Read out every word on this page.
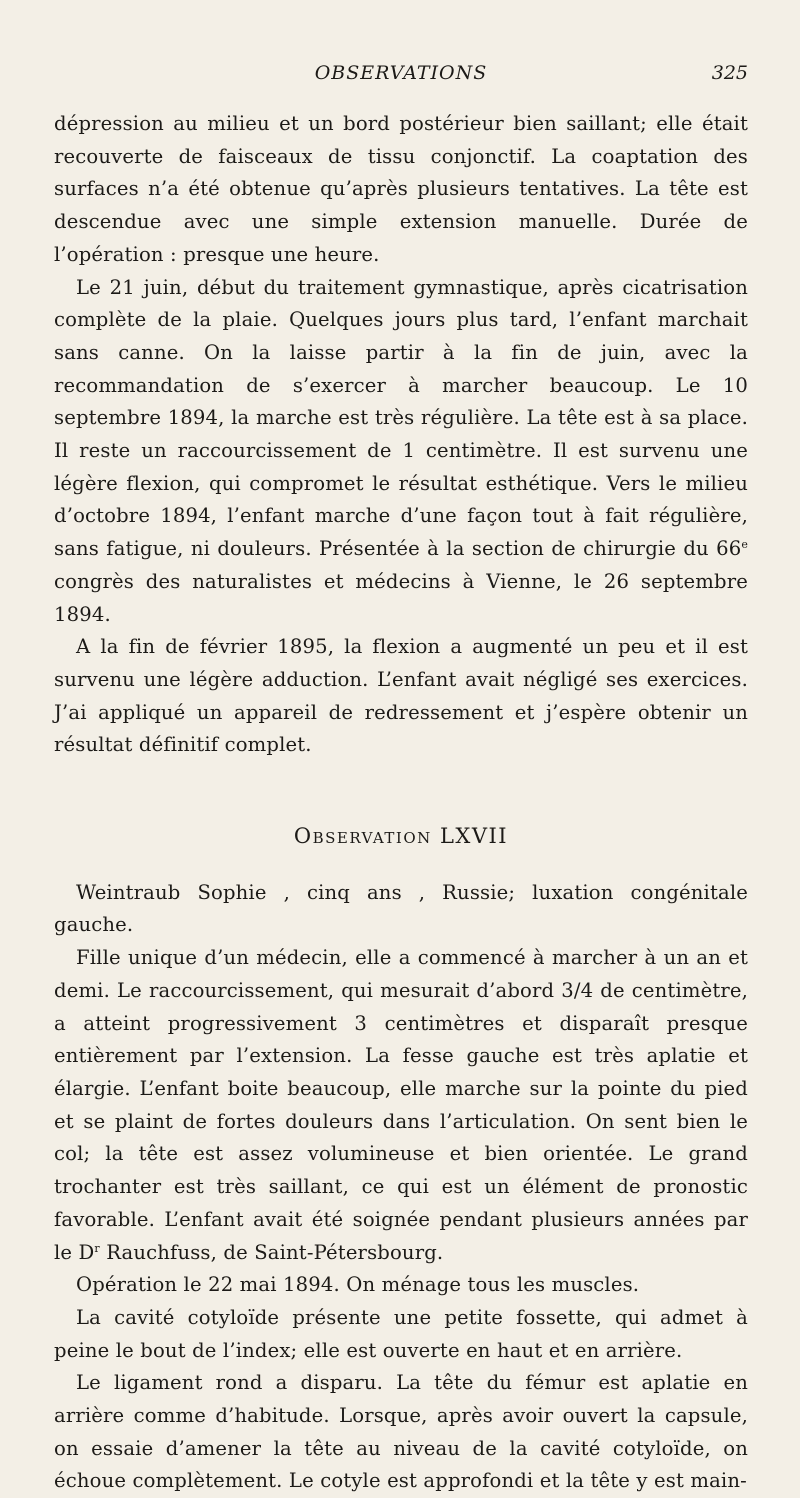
OBSERVATIONS	325

dépression au milieu et un bord postérieur bien saillant; elle était recouverte de faisceaux de tissu conjonctif. La coaptation des surfaces n’a été obtenue qu’après plusieurs tentatives. La tête est descendue avec une simple extension manuelle. Durée de l’opération : presque une heure.

Le 21 juin, début du traitement gymnastique, après cicatrisation complète de la plaie. Quelques jours plus tard, l’enfant marchait sans canne. On la laisse partir à la fin de juin, avec la recommandation de s’exercer à marcher beaucoup. Le 10 septembre 1894, la marche est très régulière. La tête est à sa place. Il reste un raccourcissement de 1 centimètre. Il est survenu une légère flexion, qui compromet le résultat esthétique. Vers le milieu d’octobre 1894, l’enfant marche d’une façon tout à fait régulière, sans fatigue, ni douleurs. Présentée à la section de chirurgie du 66e congrès des naturalistes et médecins à Vienne, le 26 septembre 1894.

A la fin de février 1895, la flexion a augmenté un peu et il est survenu une légère adduction. L’enfant avait négligé ses exercices. J’ai appliqué un appareil de redressement et j’espère obtenir un résultat définitif complet.

Observation LXVII

Weintraub Sophie , cinq ans , Russie; luxation congénitale gauche.

Fille unique d’un médecin, elle a commencé à marcher à un an et demi. Le raccourcissement, qui mesurait d’abord 3/4 de centimètre, a atteint progressivement 3 centimètres et disparaît presque entièrement par l’extension. La fesse gauche est très aplatie et élargie. L’enfant boite beaucoup, elle marche sur la pointe du pied et se plaint de fortes douleurs dans l’articulation. On sent bien le col; la tête est assez volumineuse et bien orientée. Le grand trochanter est très saillant, ce qui est un élément de pronostic favorable. L’enfant avait été soignée pendant plusieurs années par le $D^r$ Rauchfuss, de Saint-Pétersbourg.

Opération le 22 mai 1894. On ménage tous les muscles.

La cavité cotyloïde présente une petite fossette, qui admet à peine le bout de l’index; elle est ouverte en haut et en arrière.

Le ligament rond a disparu. La tête du fémur est aplatie en arrière comme d’habitude. Lorsque, après avoir ouvert la capsule, on essaie d’amener la tête au niveau de la cavité cotyloïde, on échoue complètement. Le cotyle est approfondi et la tête y est main-
